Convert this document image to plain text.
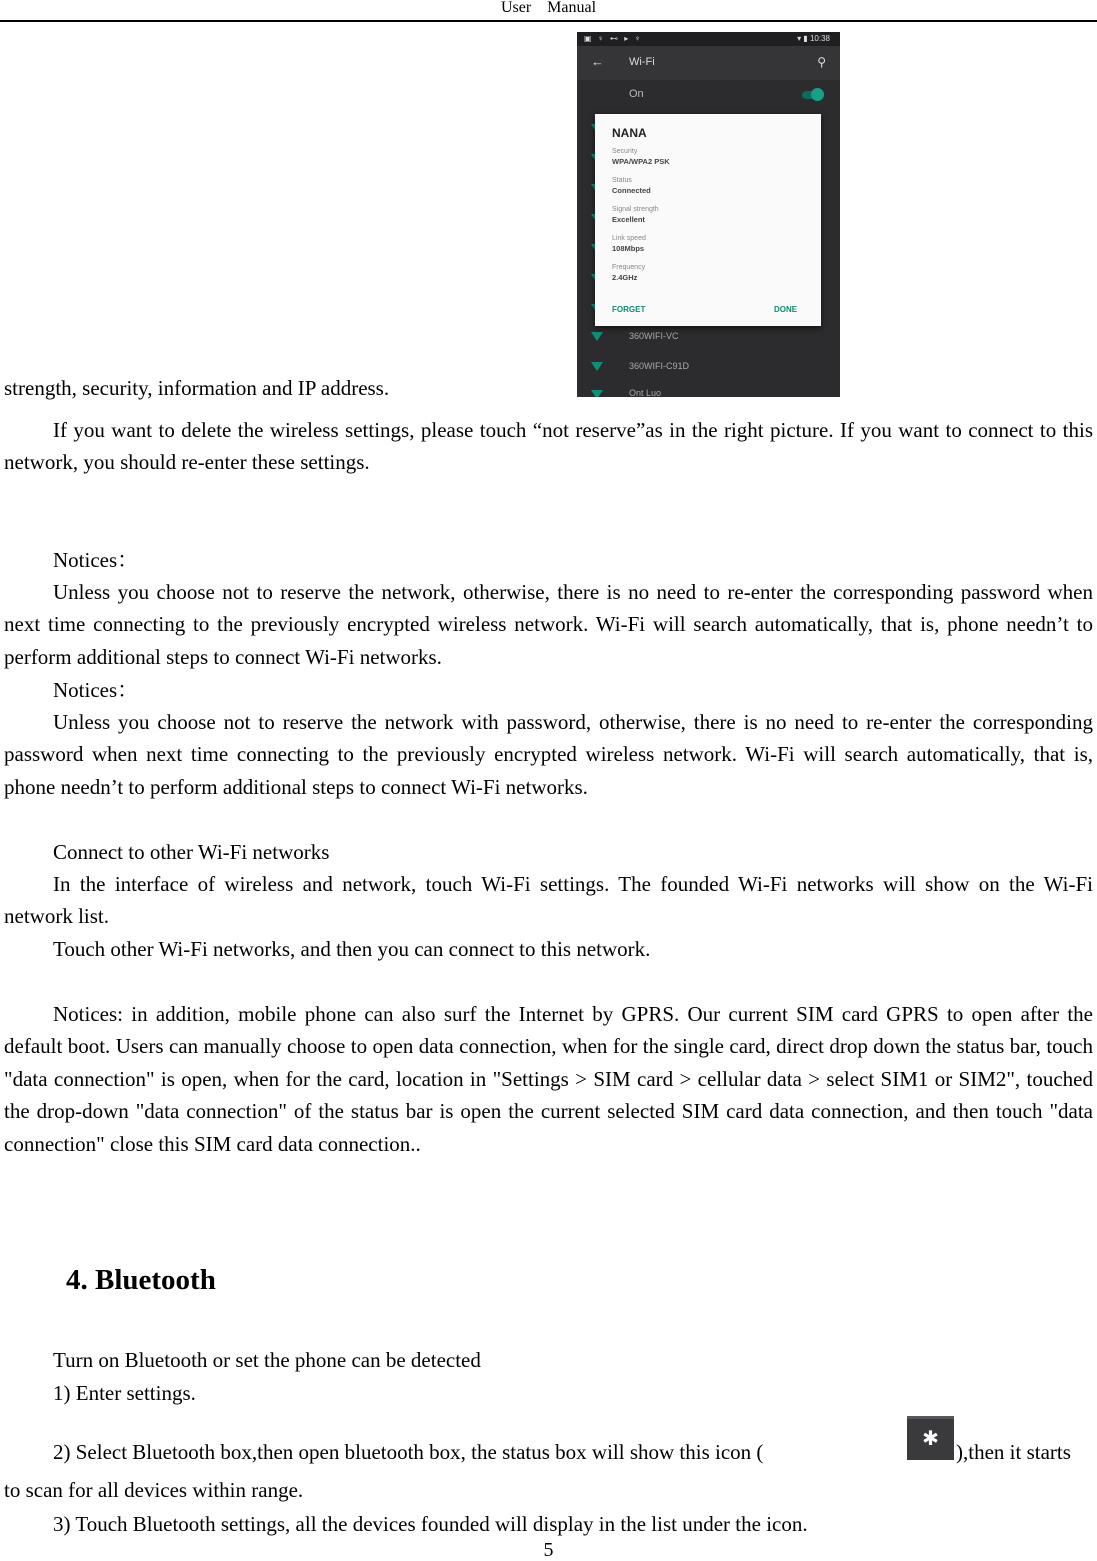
User Manual
▣ ♆ ⊷ ▸ ♆	▾ ▮ 10:38
← Wi-Fi	⚲
On
360WIFI-VC
360WIFI-C91D
Ont Luo
NANA
Security
WPA/WPA2 PSK
Status
Connected
Signal strength
Excellent
Link speed
108Mbps
Frequency
2.4GHz
FORGET	DONE
strength, security, information and IP address.
If you want to delete the wireless settings, please touch “not reserve”as in the right picture. If you want to connect to this network, you should re-enter these settings.
Notices：
Unless you choose not to reserve the network, otherwise, there is no need to re-enter the corresponding password when next time connecting to the previously encrypted wireless network. Wi-Fi will search automatically, that is, phone needn’t to perform additional steps to connect Wi-Fi networks.
Notices：
Unless you choose not to reserve the network with password, otherwise, there is no need to re-enter the corresponding password when next time connecting to the previously encrypted wireless network. Wi-Fi will search automatically, that is, phone needn’t to perform additional steps to connect Wi-Fi networks.
Connect to other Wi-Fi networks
In the interface of wireless and network, touch Wi-Fi settings. The founded Wi-Fi networks will show on the Wi-Fi network list.
Touch other Wi-Fi networks, and then you can connect to this network.
Notices: in addition, mobile phone can also surf the Internet by GPRS. Our current SIM card GPRS to open after the default boot. Users can manually choose to open data connection, when for the single card, direct drop down the status bar, touch "data connection" is open, when for the card, location in "Settings > SIM card > cellular data > select SIM1 or SIM2", touched the drop-down "data connection" of the status bar is open the current selected SIM card data connection, and then touch "data connection" close this SIM card data connection..
4. Bluetooth
Turn on Bluetooth or set the phone can be detected
1) Enter settings.
2) Select Bluetooth box,then open bluetooth box, the status box will show this icon (
✱
),then it starts
to scan for all devices within range.
3) Touch Bluetooth settings, all the devices founded will display in the list under the icon.
5
